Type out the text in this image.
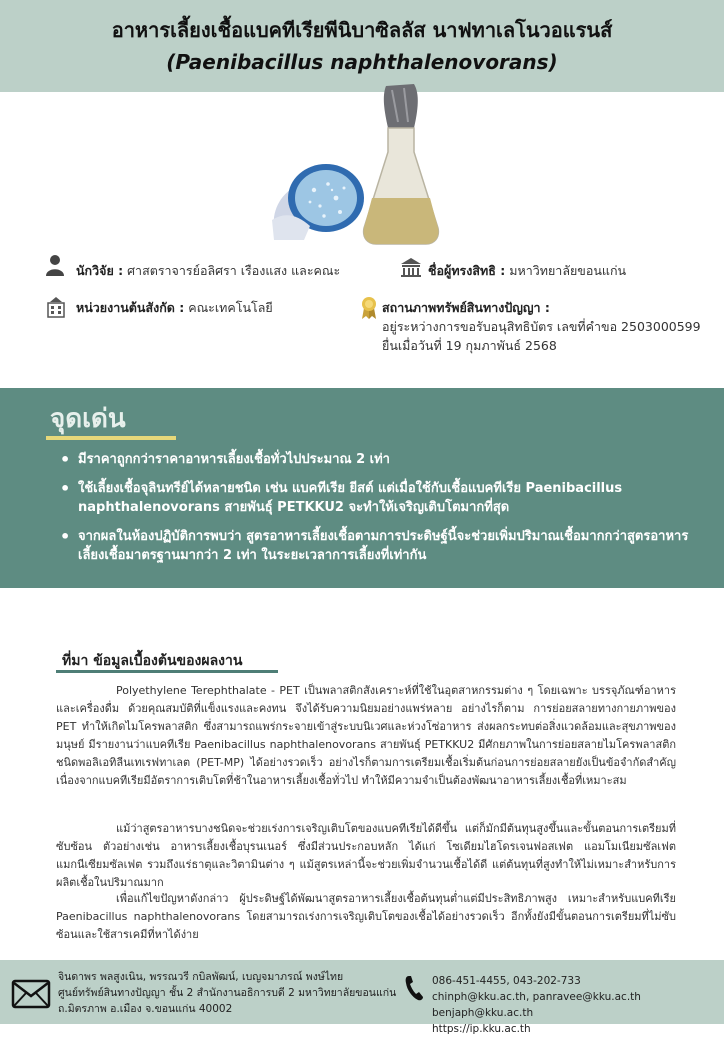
อาหารเลี้ยงเชื้อแบคทีเรียพีนิบาซิลลัส นาฟทาเลโนวอแรนส์
(Paenibacillus naphthalenovorans)
นักวิจัย : ศาสตราจารย์อลิศรา เรืองแสง และคณะ	ชื่อผู้ทรงสิทธิ : มหาวิทยาลัยขอนแก่น
หน่วยงานต้นสังกัด : คณะเทคโนโลยี	สถานภาพทรัพย์สินทางปัญญา :
อยู่ระหว่างการขอรับอนุสิทธิบัตร เลขที่คำขอ 2503000599
ยื่นเมื่อวันที่ 19 กุมภาพันธ์ 2568
จุดเด่น
• มีราคาถูกกว่าราคาอาหารเลี้ยงเชื้อทั่วไปประมาณ 2 เท่า
• ใช้เลี้ยงเชื้อจุลินทรีย์ได้หลายชนิด เช่น แบคทีเรีย ยีสต์ แต่เมื่อใช้กับเชื้อแบคทีเรีย Paenibacillus naphthalenovorans สายพันธุ์ PETKKU2 จะทำให้เจริญเติบโตมากที่สุด
• จากผลในห้องปฏิบัติการพบว่า สูตรอาหารเลี้ยงเชื้อตามการประดิษฐ์นี้จะช่วยเพิ่มปริมาณเชื้อมากกว่าสูตรอาหารเลี้ยงเชื้อมาตรฐานมากว่า 2 เท่า ในระยะเวลาการเลี้ยงที่เท่ากัน
ที่มา ข้อมูลเบื้องต้นของผลงาน
Polyethylene Terephthalate - PET เป็นพลาสติกสังเคราะห์ที่ใช้ในอุตสาหกรรมต่าง ๆ โดยเฉพาะ บรรจุภัณฑ์อาหารและเครื่องดื่ม ด้วยคุณสมบัติที่แข็งแรงและคงทน จึงได้รับความนิยมอย่างแพร่หลาย อย่างไรก็ตาม การย่อยสลายทางกายภาพของ PET ทำให้เกิดไมโครพลาสติก ซึ่งสามารถแพร่กระจายเข้าสู่ระบบนิเวศและห่วงโซ่อาหาร ส่งผลกระทบต่อสิ่งแวดล้อมและสุขภาพของมนุษย์ มีรายงานว่าแบคทีเรีย Paenibacillus naphthalenovorans สายพันธุ์ PETKKU2 มีศักยภาพในการย่อยสลายไมโครพลาสติกชนิดพอลิเอทิลีนเทเรฟทาเลต (PET-MP) ได้อย่างรวดเร็ว อย่างไรก็ตามการเตรียมเชื้อเริ่มต้นก่อนการย่อยสลายยังเป็นข้อจำกัดสำคัญ เนื่องจากแบคทีเรียมีอัตราการเติบโตที่ช้าในอาหารเลี้ยงเชื้อทั่วไป ทำให้มีความจำเป็นต้องพัฒนาอาหารเลี้ยงเชื้อที่เหมาะสม
แม้ว่าสูตรอาหารบางชนิดจะช่วยเร่งการเจริญเติบโตของแบคทีเรียได้ดีขึ้น แต่ก็มักมีต้นทุนสูงขึ้นและขั้นตอนการเตรียมที่ซับซ้อน ตัวอย่างเช่น อาหารเลี้ยงเชื้อบุรนเนอร์ ซึ่งมีส่วนประกอบหลัก ได้แก่ โซเดียมไฮโดรเจนฟอสเฟต แอมโมเนียมซัลเฟต แมกนีเซียมซัลเฟต รวมถึงแร่ธาตุและวิตามินต่าง ๆ แม้สูตรเหล่านี้จะช่วยเพิ่มจำนวนเชื้อได้ดี แต่ต้นทุนที่สูงทำให้ไม่เหมาะสำหรับการผลิตเชื้อในปริมาณมาก
เพื่อแก้ไขปัญหาดังกล่าว ผู้ประดิษฐ์ได้พัฒนาสูตรอาหารเลี้ยงเชื้อต้นทุนต่ำแต่มีประสิทธิภาพสูง เหมาะสำหรับแบคทีเรีย Paenibacillus naphthalenovorans โดยสามารถเร่งการเจริญเติบโตของเชื้อได้อย่างรวดเร็ว อีกทั้งยังมีขั้นตอนการเตรียมที่ไม่ซับซ้อนและใช้สารเคมีที่หาได้ง่าย
จินดาพร พลสูงเนิน, พรรณวรี กบิลพัฒน์, เบญจมาภรณ์ พงษ์ไทย
ศูนย์ทรัพย์สินทางปัญญา ชั้น 2 สำนักงานอธิการบดี 2 มหาวิทยาลัยขอนแก่น
ถ.มิตรภาพ อ.เมือง จ.ขอนแก่น 40002
086-451-4455, 043-202-733
chinph@kku.ac.th, panravee@kku.ac.th benjaph@kku.ac.th
https://ip.kku.ac.th
